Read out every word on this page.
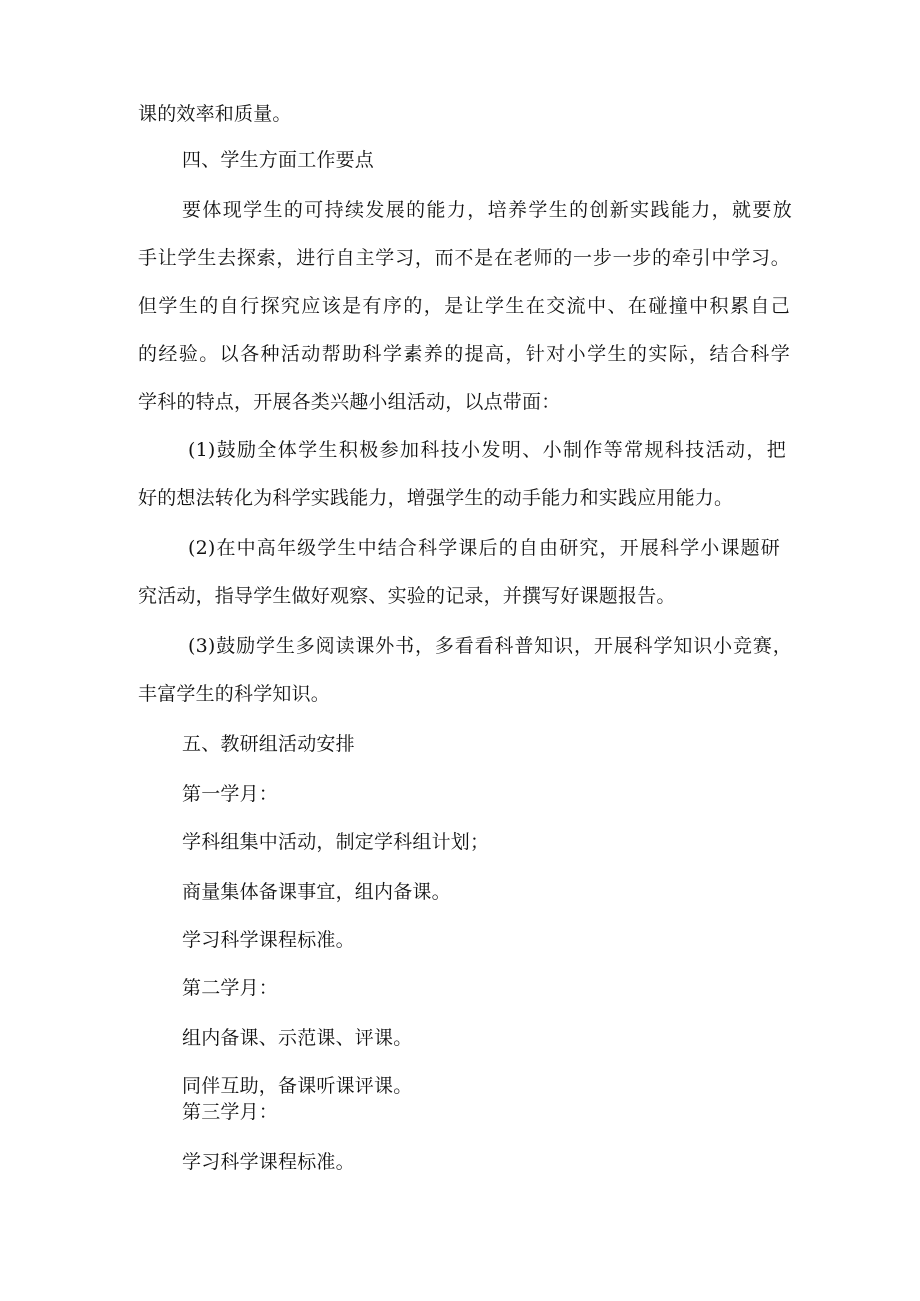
课的效率和质量。
四、学生方面工作要点
要体现学生的可持续发展的能力，培养学生的创新实践能力，就要放
手让学生去探索，进行自主学习，而不是在老师的一步一步的牵引中学习。
但学生的自行探究应该是有序的，是让学生在交流中、在碰撞中积累自己
的经验。以各种活动帮助科学素养的提高，针对小学生的实际，结合科学
学科的特点，开展各类兴趣小组活动，以点带面：
(1)鼓励全体学生积极参加科技小发明、小制作等常规科技活动，把
好的想法转化为科学实践能力，增强学生的动手能力和实践应用能力。
(2)在中高年级学生中结合科学课后的自由研究，开展科学小课题研
究活动，指导学生做好观察、实验的记录，并撰写好课题报告。
(3)鼓励学生多阅读课外书，多看看科普知识，开展科学知识小竞赛，
丰富学生的科学知识。
五、教研组活动安排
第一学月：
学科组集中活动，制定学科组计划；
商量集体备课事宜，组内备课。
学习科学课程标准。
第二学月：
组内备课、示范课、评课。
同伴互助，备课听课评课。
第三学月：
学习科学课程标准。
